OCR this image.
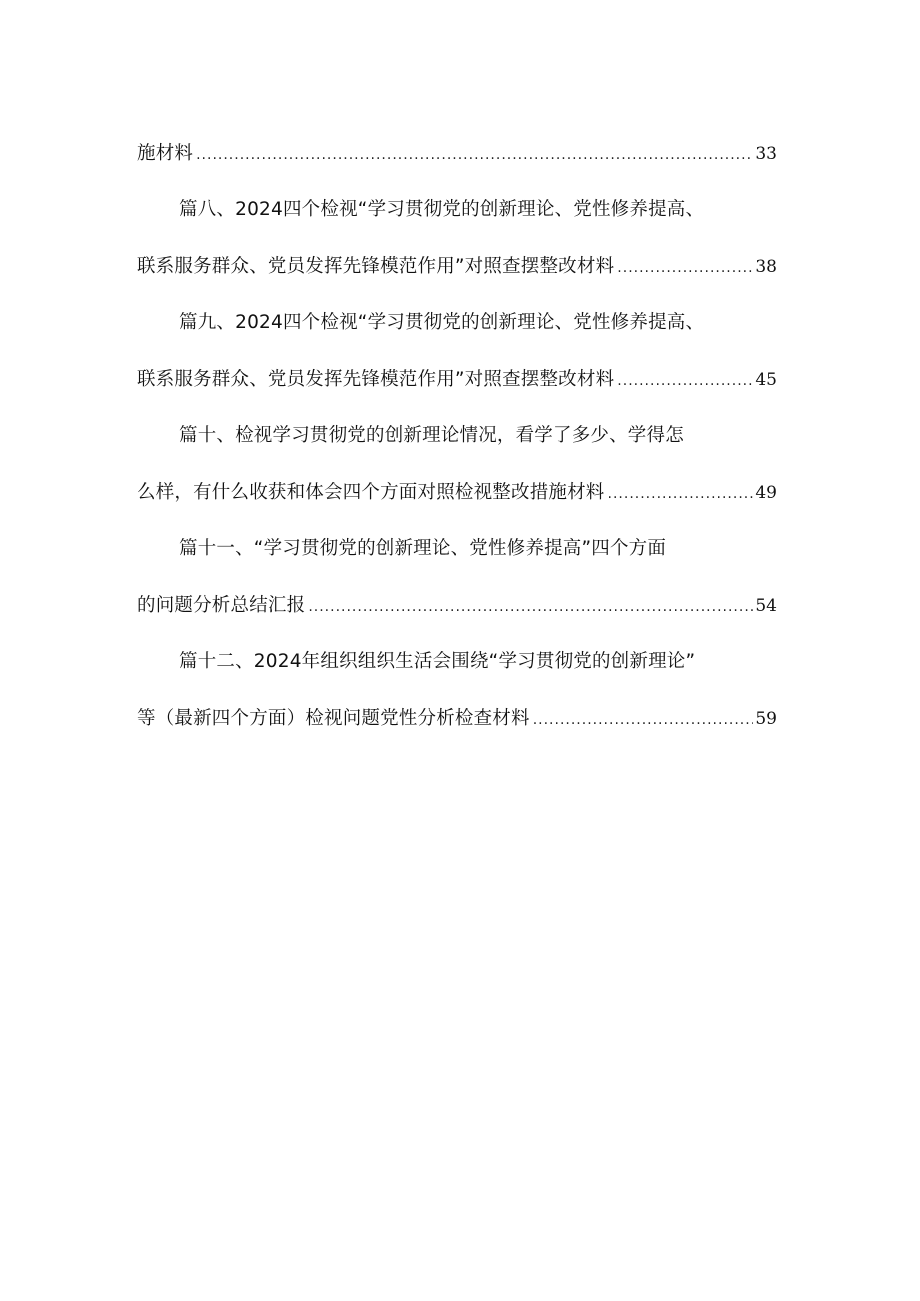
施材料 .....	33
篇八、2024四个检视“学习贯彻党的创新理论、党性修养提高、
联系服务群众、党员发挥先锋模范作用”对照查摆整改材料 .....	38
篇九、2024四个检视“学习贯彻党的创新理论、党性修养提高、
联系服务群众、党员发挥先锋模范作用”对照查摆整改材料 .....	45
篇十、检视学习贯彻党的创新理论情况，看学了多少、学得怎
么样，有什么收获和体会四个方面对照检视整改措施材料 .....	49
篇十一、“学习贯彻党的创新理论、党性修养提高”四个方面
的问题分析总结汇报 .....	54
篇十二、2024年组织组织生活会围绕“学习贯彻党的创新理论”
等（最新四个方面）检视问题党性分析检查材料 .....	59
